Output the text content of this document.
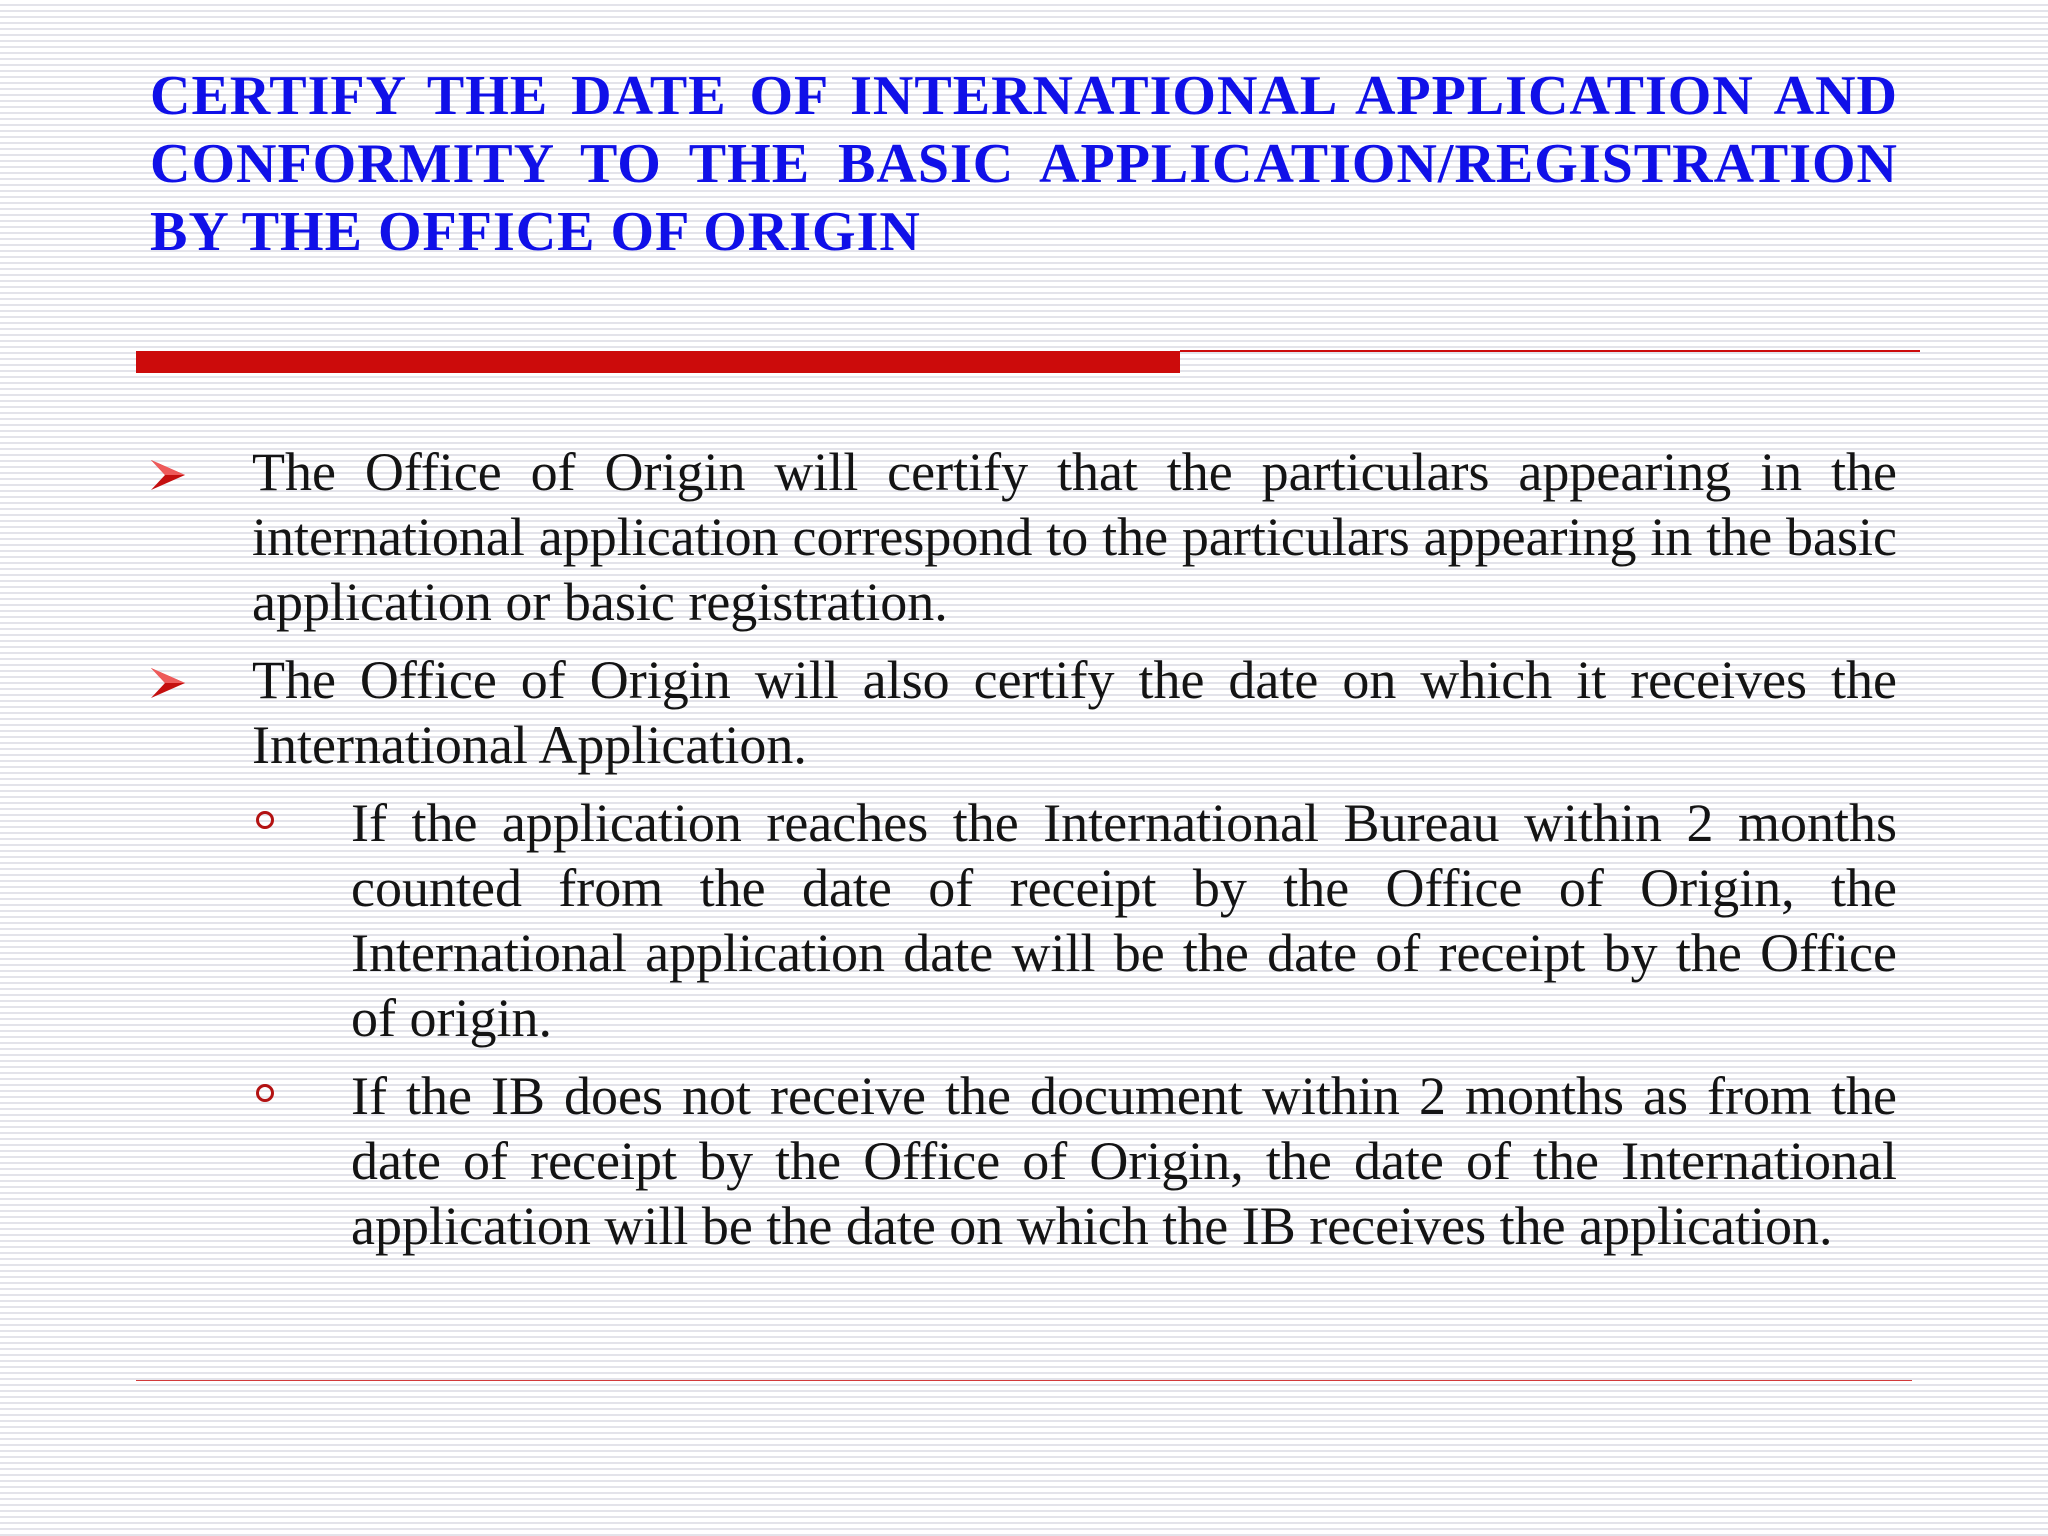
CERTIFY THE DATE OF INTERNATIONAL APPLICATION AND CONFORMITY TO THE BASIC APPLICATION/REGISTRATION BY THE OFFICE OF ORIGIN
The Office of Origin will certify that the particulars appearing in the international application correspond to the particulars appearing in the basic application or basic registration.
The Office of Origin will also certify the date on which it receives the International Application.
If the application reaches the International Bureau within 2 months counted from the date of receipt by the Office of Origin, the International application date will be the date of receipt by the Office of origin.
If the IB does not receive the document within 2 months as from the date of receipt by the Office of Origin, the date of the International application will be the date on which the IB receives the application.
